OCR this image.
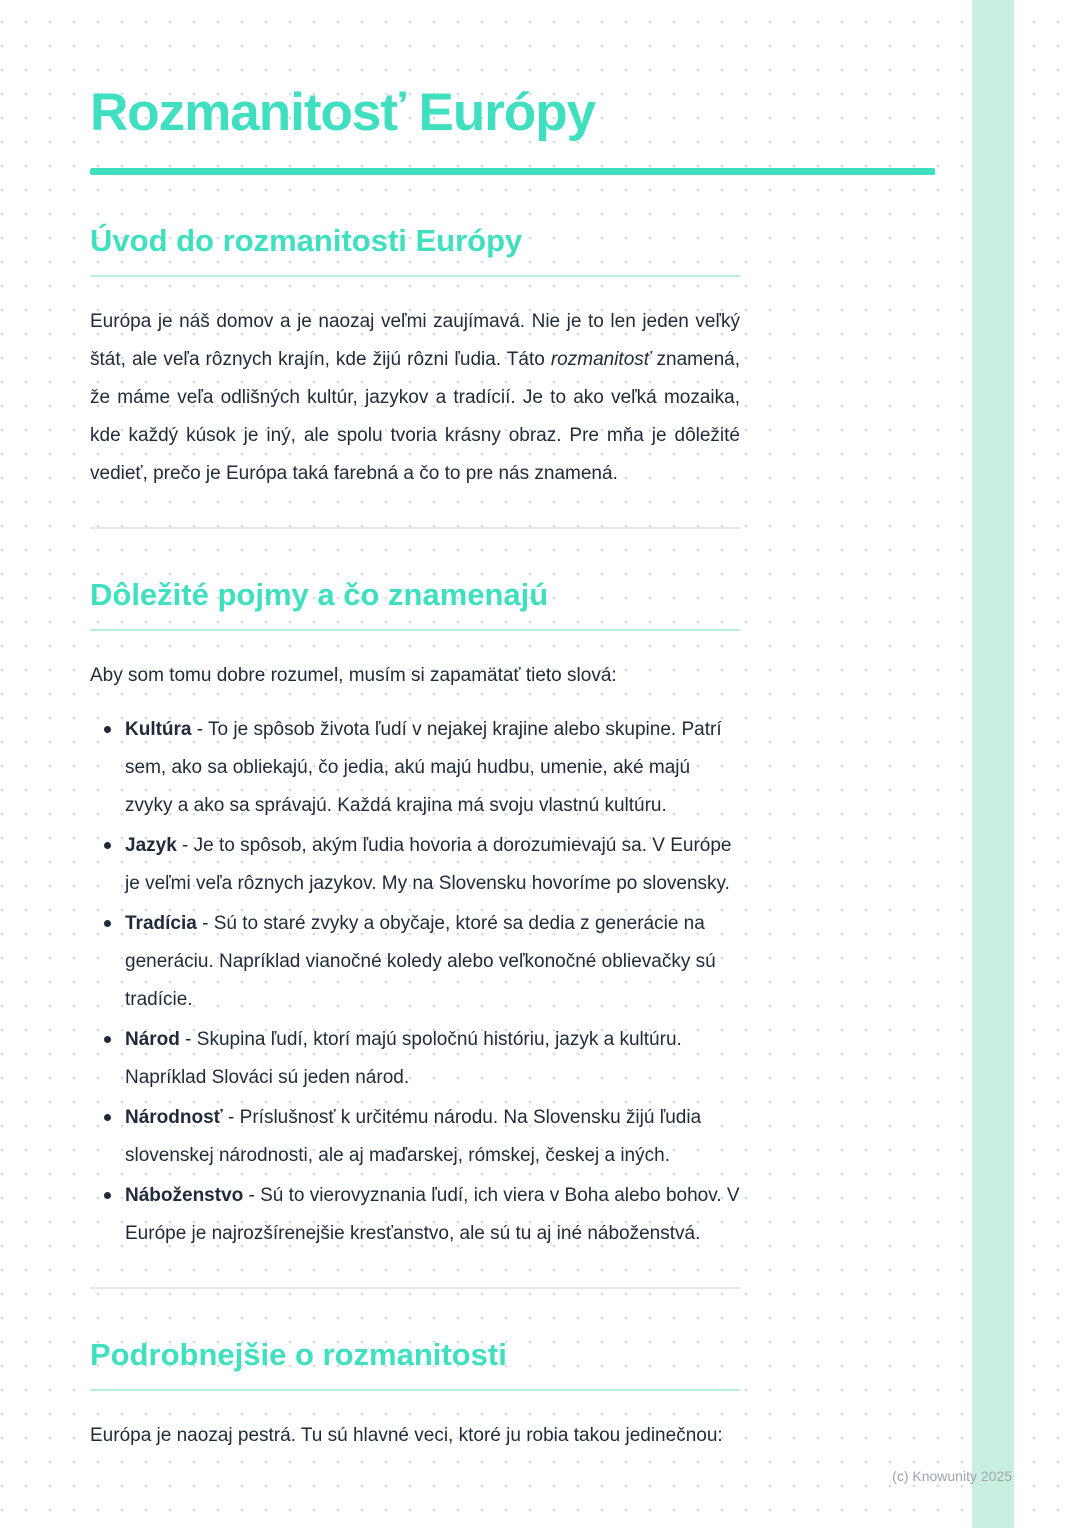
Rozmanitosť Európy
Úvod do rozmanitosti Európy

Európa je náš domov a je naozaj veľmi zaujímavá. Nie je to len jeden veľký štát, ale veľa rôznych krajín, kde žijú rôzni ľudia. Táto rozmanitosť znamená, že máme veľa odlišných kultúr, jazykov a tradícií. Je to ako veľká mozaika, kde každý kúsok je iný, ale spolu tvoria krásny obraz. Pre mňa je dôležité vedieť, prečo je Európa taká farebná a čo to pre nás znamená.

Dôležité pojmy a čo znamenajú

Aby som tomu dobre rozumel, musím si zapamätať tieto slová:

Kultúra - To je spôsob života ľudí v nejakej krajine alebo skupine. Patrí sem, ako sa obliekajú, čo jedia, akú majú hudbu, umenie, aké majú zvyky a ako sa správajú. Každá krajina má svoju vlastnú kultúru.
Jazyk - Je to spôsob, akým ľudia hovoria a dorozumievajú sa. V Európe je veľmi veľa rôznych jazykov. My na Slovensku hovoríme po slovensky.
Tradícia - Sú to staré zvyky a obyčaje, ktoré sa dedia z generácie na generáciu. Napríklad vianočné koledy alebo veľkonočné oblievačky sú tradície.
Národ - Skupina ľudí, ktorí majú spoločnú históriu, jazyk a kultúru. Napríklad Slováci sú jeden národ.
Národnosť - Príslušnosť k určitému národu. Na Slovensku žijú ľudia slovenskej národnosti, ale aj maďarskej, rómskej, českej a iných.
Náboženstvo - Sú to vierovyznania ľudí, ich viera v Boha alebo bohov. V Európe je najrozšírenejšie kresťanstvo, ale sú tu aj iné náboženstvá.
Podrobnejšie o rozmanitosti

Európa je naozaj pestrá. Tu sú hlavné veci, ktoré ju robia takou jedinečnou:

(c) Knowunity 2025
